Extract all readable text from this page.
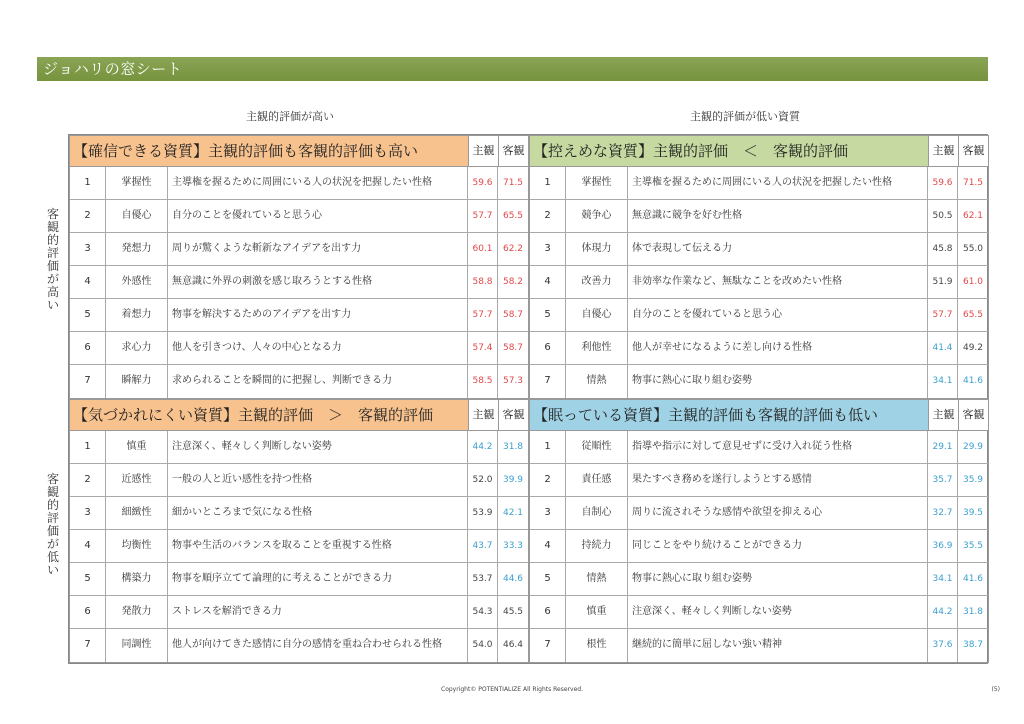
ジョハリの窓シート
主観的評価が高い	主観的評価が低い資質
客観的評価が高い
客観的評価が低い
【確信できる資質】主観的評価も客観的評価も高い	主観 客観
1	掌握性	主導権を握るために周囲にいる人の状況を把握したい性格	59.6	71.5
2	自優心	自分のことを優れていると思う心	57.7	65.5
3	発想力	周りが驚くような斬新なアイデアを出す力	60.1	62.2
4	外感性	無意識に外界の刺激を感じ取ろうとする性格	58.8	58.2
5	着想力	物事を解決するためのアイデアを出す力	57.7	58.7
6	求心力	他人を引きつけ、人々の中心となる力	57.4	58.7
7	瞬解力	求められることを瞬間的に把握し、判断できる力	58.5	57.3
【控えめな資質】主観的評価　＜　客観的評価	主観 客観
1	掌握性	主導権を握るために周囲にいる人の状況を把握したい性格	59.6	71.5
2	競争心	無意識に競争を好む性格	50.5	62.1
3	体現力	体で表現して伝える力	45.8	55.0
4	改善力	非効率な作業など、無駄なことを改めたい性格	51.9	61.0
5	自優心	自分のことを優れていると思う心	57.7	65.5
6	利他性	他人が幸せになるように差し向ける性格	41.4	49.2
7	情熱	物事に熱心に取り組む姿勢	34.1	41.6
【気づかれにくい資質】主観的評価　＞　客観的評価	主観 客観
1	慎重	注意深く、軽々しく判断しない姿勢	44.2	31.8
2	近感性	一般の人と近い感性を持つ性格	52.0	39.9
3	細緻性	細かいところまで気になる性格	53.9	42.1
4	均衡性	物事や生活のバランスを取ることを重視する性格	43.7	33.3
5	構築力	物事を順序立てて論理的に考えることができる力	53.7	44.6
6	発散力	ストレスを解消できる力	54.3	45.5
7	同調性	他人が向けてきた感情に自分の感情を重ね合わせられる性格	54.0	46.4
【眠っている資質】主観的評価も客観的評価も低い	主観 客観
1	従順性	指導や指示に対して意見せずに受け入れ従う性格	29.1	29.9
2	責任感	果たすべき務めを遂行しようとする感情	35.7	35.9
3	自制心	周りに流されそうな感情や欲望を抑える心	32.7	39.5
4	持続力	同じことをやり続けることができる力	36.9	35.5
5	情熱	物事に熱心に取り組む姿勢	34.1	41.6
6	慎重	注意深く、軽々しく判断しない姿勢	44.2	31.8
7	根性	継続的に簡単に屈しない強い精神	37.6	38.7
Copyright© POTENTIALIZE All Rights Reserved.	(5)
